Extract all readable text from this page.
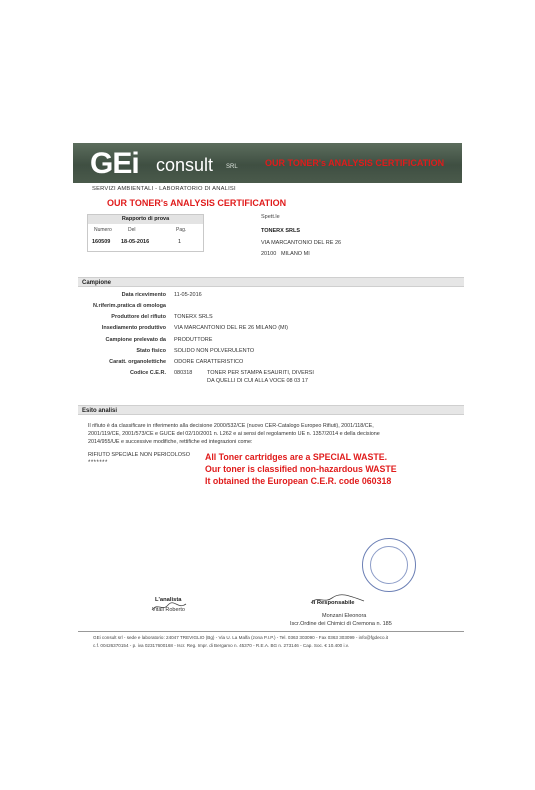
GEi consult SRL	OUR TONER's ANALYSIS CERTIFICATION
SERVIZI AMBIENTALI - LABORATORIO DI ANALISI
OUR TONER's ANALYSIS CERTIFICATION
Rapporto di prova
Numero	Del	Pag.
160509 18-05-2016	1
Spett.le
TONERX SRLS
VIA MARCANTONIO DEL RE 26
20100 MILANO MI
Campione
Data ricevimento 11-05-2016
N.riferim.pratica di omologa
Produttore del rifiuto TONERX SRLS
Insediamento produttivo VIA MARCANTONIO DEL RE 26 MILANO (MI)
Campione prelevato da PRODUTTORE
Stato fisico SOLIDO NON POLVERULENTO
Caratt. organolettiche ODORE CARATTERISTICO
Codice C.E.R. 080318	TONER PER STAMPA ESAURITI, DIVERSI
DA QUELLI DI CUI ALLA VOCE 08 03 17
Esito analisi
Il rifiuto è da classificare in riferimento alla decisione 2000/532/CE (nuovo CER-Catalogo Europeo Rifiuti), 2001/118/CE,
2001/119/CE, 2001/573/CE e GUCE del 02/10/2001 n. L262 e ai sensi del regolamento UE n. 1357/2014 e della decisione
2014/955/UE e successive modifiche, rettifiche ed integrazioni come:
RIFIUTO SPECIALE NON PERICOLOSO
*******
All Toner cartridges are a SPECIAL WASTE.
Our toner is classified non-hazardous WASTE
It obtained the European C.E.R. code 060318
L'analista
Vitali Roberto
Il Responsabile
Monzani Eleonora
Iscr.Ordine dei Chimici di Cremona n. 185
GEi consult srl - sede e laboratorio: 24047 TREVIGLIO (Bg) - Via U. La Malfa (zona P.I.P.) - Tel. 0363 303090 - Fax 0363 303099 - info@fgdeco.it
c.f. 00426370154 - p. iva 02317600168 - Iscr. Reg. Impr. di Bergamo n. 45370 - R.E.A. BG n. 273146 - Cap. Soc. € 10.400 i.v.
